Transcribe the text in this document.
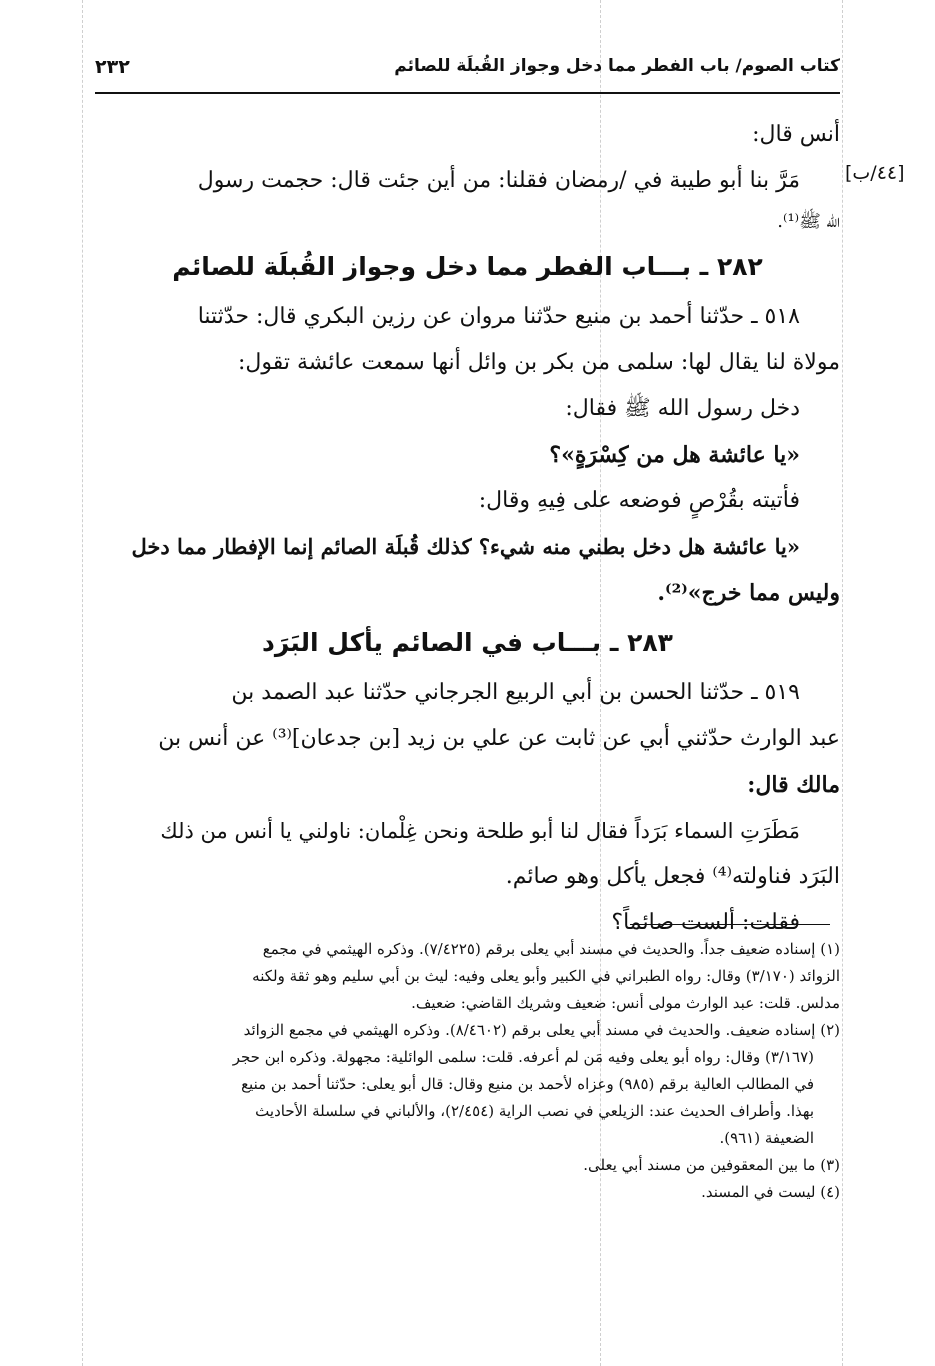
كتاب الصوم/ باب الفطر مما دخل وجواز القُبلَة للصائم
٢٣٢
[٤٤/ب]
أنس قال:
مَرَّ بنا أبو طيبة في /رمضان فقلنا: من أين جئت قال: حجمت رسول
الله ﷺ⁽¹⁾.
٢٨٢ ـ بـــاب الفطر مما دخل وجواز القُبلَة للصائم
٥١٨ ـ حدّثنا أحمد بن منيع حدّثنا مروان عن رزين البكري قال: حدّثتنا
مولاة لنا يقال لها: سلمى من بكر بن وائل أنها سمعت عائشة تقول:
دخل رسول الله ﷺ فقال:
«يا عائشة هل من كِسْرَةٍ»؟
فأتيته بقُرْصٍ فوضعه على فِيهِ وقال:
«يا عائشة هل دخل بطني منه شيء؟ كذلك قُبلَة الصائم إنما الإفطار مما دخل
وليس مما خرج»⁽²⁾.
٢٨٣ ـ بـــاب في الصائم يأكل البَرَد
٥١٩ ـ حدّثنا الحسن بن أبي الربيع الجرجاني حدّثنا عبد الصمد بن
عبد الوارث حدّثني أبي عن ثابت عن علي بن زيد [بن جدعان]⁽³⁾ عن أنس بن
مالك قال:
مَطَرَتِ السماء بَرَداً فقال لنا أبو طلحة ونحن غِلْمان: ناولني يا أنس من ذلك
البَرَد فناولته⁽⁴⁾ فجعل يأكل وهو صائم.
فقلت: ألست صائماً؟
(١) إسناده ضعيف جداً. والحديث في مسند أبي يعلى برقم (٧/٤٢٢٥). وذكره الهيثمي في مجمع
الزوائد (٣/١٧٠) وقال: رواه الطبراني في الكبير وأبو يعلى وفيه: ليث بن أبي سليم وهو ثقة ولكنه
مدلس. قلت: عبد الوارث مولى أنس: ضعيف وشريك القاضي: ضعيف.
(٢) إسناده ضعيف. والحديث في مسند أبي يعلى برقم (٨/٤٦٠٢). وذكره الهيثمي في مجمع الزوائد
(٣/١٦٧) وقال: رواه أبو يعلى وفيه مَن لم أعرفه. قلت: سلمى الوائلية: مجهولة. وذكره ابن حجر
في المطالب العالية برقم (٩٨٥) وعزاه لأحمد بن منيع وقال: قال أبو يعلى: حدّثنا أحمد بن منيع
بهذا. وأطراف الحديث عند: الزيلعي في نصب الراية (٢/٤٥٤)، والألباني في سلسلة الأحاديث
الضعيفة (٩٦١).
(٣) ما بين المعقوفين من مسند أبي يعلى.
(٤) ليست في المسند.
